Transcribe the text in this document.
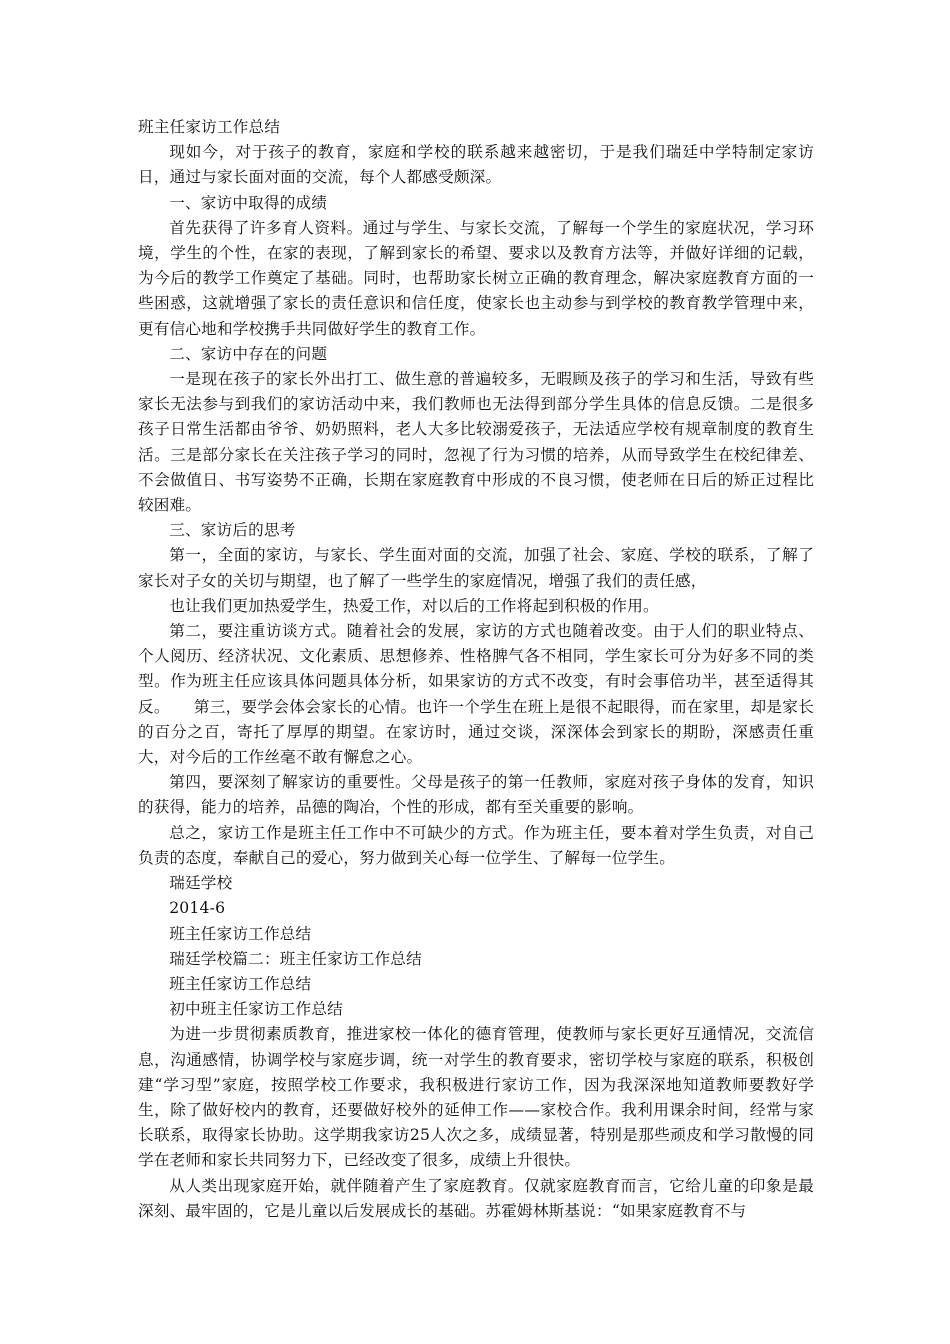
班主任家访工作总结

现如今，对于孩子的教育，家庭和学校的联系越来越密切，于是我们瑞廷中学特制定家访日，通过与家长面对面的交流，每个人都感受颇深。

一、家访中取得的成绩

首先获得了许多育人资料。通过与学生、与家长交流，了解每一个学生的家庭状况，学习环境，学生的个性，在家的表现，了解到家长的希望、要求以及教育方法等，并做好详细的记载，为今后的教学工作奠定了基础。同时，也帮助家长树立正确的教育理念，解决家庭教育方面的一些困惑，这就增强了家长的责任意识和信任度，使家长也主动参与到学校的教育教学管理中来，更有信心地和学校携手共同做好学生的教育工作。

二、家访中存在的问题

一是现在孩子的家长外出打工、做生意的普遍较多，无暇顾及孩子的学习和生活，导致有些家长无法参与到我们的家访活动中来，我们教师也无法得到部分学生具体的信息反馈。二是很多孩子日常生活都由爷爷、奶奶照料，老人大多比较溺爱孩子，无法适应学校有规章制度的教育生活。三是部分家长在关注孩子学习的同时，忽视了行为习惯的培养，从而导致学生在校纪律差、不会做值日、书写姿势不正确，长期在家庭教育中形成的不良习惯，使老师在日后的矫正过程比较困难。

三、家访后的思考

第一，全面的家访，与家长、学生面对面的交流，加强了社会、家庭、学校的联系，了解了家长对子女的关切与期望，也了解了一些学生的家庭情况，增强了我们的责任感，

也让我们更加热爱学生，热爱工作，对以后的工作将起到积极的作用。

第二，要注重访谈方式。随着社会的发展，家访的方式也随着改变。由于人们的职业特点、个人阅历、经济状况、文化素质、思想修养、性格脾气各不相同，学生家长可分为好多不同的类型。作为班主任应该具体问题具体分析，如果家访的方式不改变，有时会事倍功半，甚至适得其反。　　第三，要学会体会家长的心情。也许一个学生在班上是很不起眼得，而在家里，却是家长的百分之百，寄托了厚厚的期望。在家访时，通过交谈，深深体会到家长的期盼，深感责任重大，对今后的工作丝毫不敢有懈怠之心。

第四，要深刻了解家访的重要性。父母是孩子的第一任教师，家庭对孩子身体的发育，知识的获得，能力的培养，品德的陶冶，个性的形成，都有至关重要的影响。

总之，家访工作是班主任工作中不可缺少的方式。作为班主任，要本着对学生负责，对自己负责的态度，奉献自己的爱心，努力做到关心每一位学生、了解每一位学生。

瑞廷学校

2014-6

班主任家访工作总结

瑞廷学校篇二：班主任家访工作总结

班主任家访工作总结

初中班主任家访工作总结

为进一步贯彻素质教育，推进家校一体化的德育管理，使教师与家长更好互通情况，交流信息，沟通感情，协调学校与家庭步调，统一对学生的教育要求，密切学校与家庭的联系，积极创建“学习型”家庭，按照学校工作要求，我积极进行家访工作，因为我深深地知道教师要教好学生，除了做好校内的教育，还要做好校外的延伸工作——家校合作。我利用课余时间，经常与家长联系，取得家长协助。这学期我家访25人次之多，成绩显著，特别是那些顽皮和学习散慢的同学在老师和家长共同努力下，已经改变了很多，成绩上升很快。

从人类出现家庭开始，就伴随着产生了家庭教育。仅就家庭教育而言，它给儿童的印象是最深刻、最牢固的，它是儿童以后发展成长的基础。苏霍姆林斯基说：“如果家庭教育不与
